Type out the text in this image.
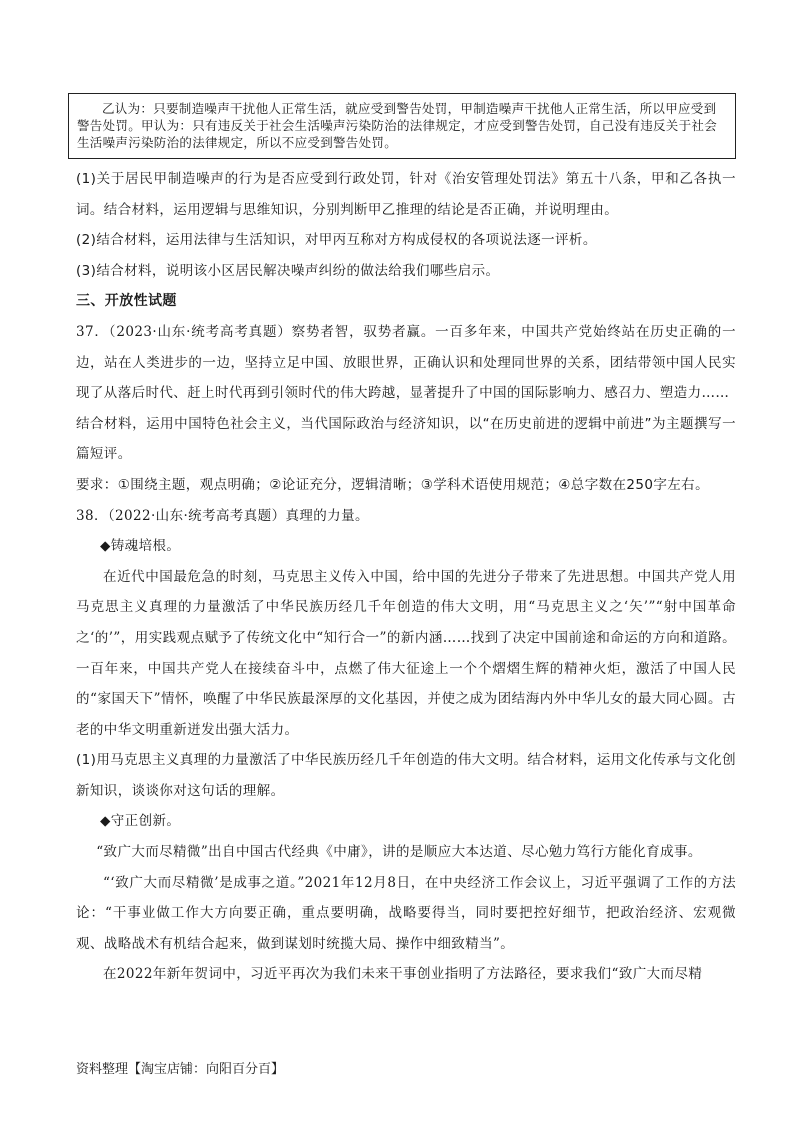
乙认为：只要制造噪声干扰他人正常生活，就应受到警告处罚，甲制造噪声干扰他人正常生活，所以甲应受到警告处罚。甲认为：只有违反关于社会生活噪声污染防治的法律规定，才应受到警告处罚，自己没有违反关于社会生活噪声污染防治的法律规定，所以不应受到警告处罚。

(1)关于居民甲制造噪声的行为是否应受到行政处罚，针对《治安管理处罚法》第五十八条，甲和乙各执一词。结合材料，运用逻辑与思维知识，分别判断甲乙推理的结论是否正确，并说明理由。

(2)结合材料，运用法律与生活知识，对甲丙互称对方构成侵权的各项说法逐一评析。

(3)结合材料，说明该小区居民解决噪声纠纷的做法给我们哪些启示。

三、开放性试题

37．（2023·山东·统考高考真题）察势者智，驭势者赢。一百多年来，中国共产党始终站在历史正确的一边，站在人类进步的一边，坚持立足中国、放眼世界，正确认识和处理同世界的关系，团结带领中国人民实现了从落后时代、赶上时代再到引领时代的伟大跨越，显著提升了中国的国际影响力、感召力、塑造力……

结合材料，运用中国特色社会主义，当代国际政治与经济知识，以“在历史前进的逻辑中前进”为主题撰写一篇短评。

要求：①围绕主题，观点明确；②论证充分，逻辑清晰；③学科术语使用规范；④总字数在250字左右。

38．（2022·山东·统考高考真题）真理的力量。

◆铸魂培根。

在近代中国最危急的时刻，马克思主义传入中国，给中国的先进分子带来了先进思想。中国共产党人用马克思主义真理的力量激活了中华民族历经几千年创造的伟大文明，用“马克思主义之‘矢’”“射中国革命之‘的’”，用实践观点赋予了传统文化中“知行合一”的新内涵……找到了决定中国前途和命运的方向和道路。一百年来，中国共产党人在接续奋斗中，点燃了伟大征途上一个个熠熠生辉的精神火炬，激活了中国人民的“家国天下”情怀，唤醒了中华民族最深厚的文化基因，并使之成为团结海内外中华儿女的最大同心圆。古老的中华文明重新迸发出强大活力。

(1)用马克思主义真理的力量激活了中华民族历经几千年创造的伟大文明。结合材料，运用文化传承与文化创新知识，谈谈你对这句话的理解。

◆守正创新。

“致广大而尽精微”出自中国古代经典《中庸》，讲的是顺应大本达道、尽心勉力笃行方能化育成事。

“‘致广大而尽精微’是成事之道。”2021年12月8日，在中央经济工作会议上，习近平强调了工作的方法论：“干事业做工作大方向要正确，重点要明确，战略要得当，同时要把控好细节，把政治经济、宏观微观、战略战术有机结合起来，做到谋划时统揽大局、操作中细致精当”。

在2022年新年贺词中，习近平再次为我们未来干事创业指明了方法路径，要求我们“致广大而尽精

资料整理【淘宝店铺：向阳百分百】
